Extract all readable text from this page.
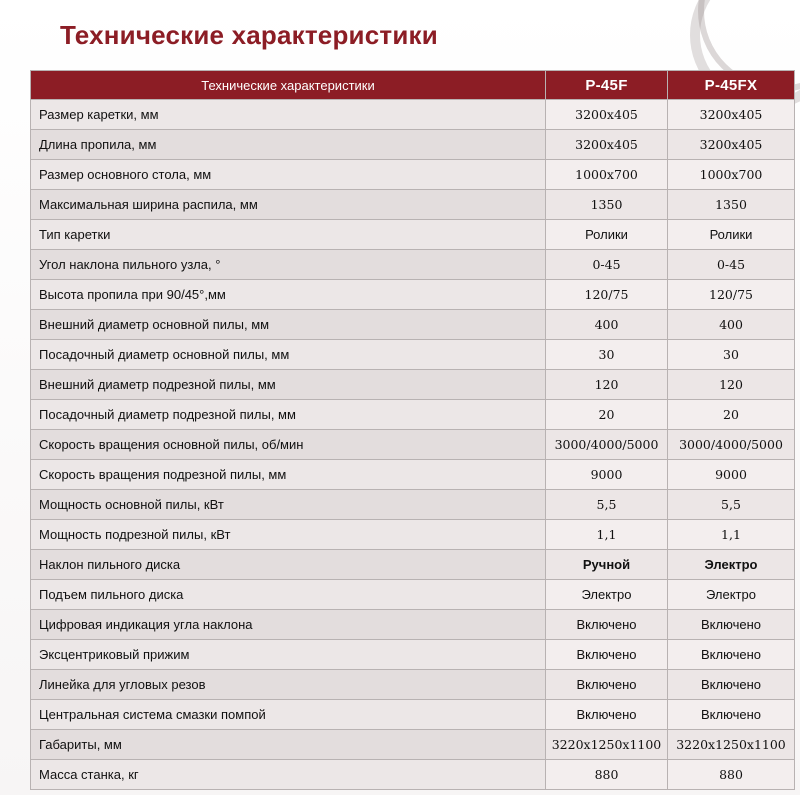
Технические характеристики
Технические характеристики	P-45F	P-45FX
Размер каретки, мм	3200x405	3200x405
Длина пропила, мм	3200x405	3200x405
Размер основного стола, мм	1000x700	1000x700
Максимальная ширина распила, мм	1350	1350
Тип каретки	Ролики	Ролики
Угол наклона пильного узла, °	0-45	0-45
Высота пропила при 90/45°,мм	120/75	120/75
Внешний диаметр основной пилы, мм	400	400
Посадочный диаметр основной пилы, мм	30	30
Внешний диаметр подрезной пилы, мм	120	120
Посадочный диаметр подрезной пилы, мм	20	20
Скорость вращения основной пилы, об/мин	3000/4000/5000	3000/4000/5000
Скорость вращения подрезной пилы, мм	9000	9000
Мощность основной пилы, кВт	5,5	5,5
Мощность подрезной пилы, кВт	1,1	1,1
Наклон пильного диска	Ручной	Электро
Подъем пильного диска	Электро	Электро
Цифровая индикация угла наклона	Включено	Включено
Эксцентриковый прижим	Включено	Включено
Линейка для угловых резов	Включено	Включено
Центральная система смазки помпой	Включено	Включено
Габариты, мм	3220x1250x1100	3220x1250x1100
Масса станка, кг	880	880
